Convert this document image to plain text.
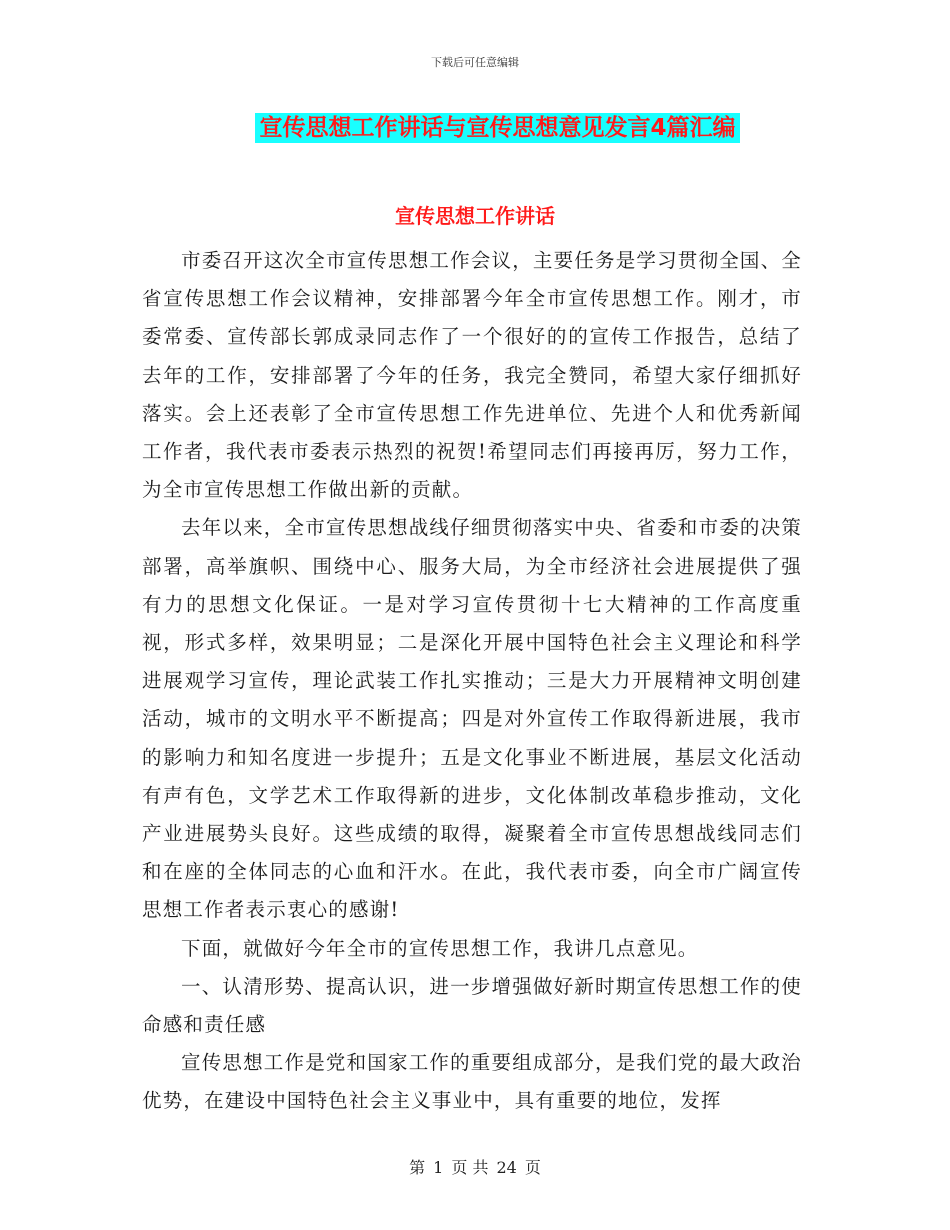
下载后可任意编辑
宣传思想工作讲话与宣传思想意见发言4篇汇编
宣传思想工作讲话

市委召开这次全市宣传思想工作会议，主要任务是学习贯彻全国、全省宣传思想工作会议精神，安排部署今年全市宣传思想工作。刚才，市委常委、宣传部长郭成录同志作了一个很好的的宣传工作报告，总结了去年的工作，安排部署了今年的任务，我完全赞同，希望大家仔细抓好落实。会上还表彰了全市宣传思想工作先进单位、先进个人和优秀新闻工作者，我代表市委表示热烈的祝贺!希望同志们再接再厉，努力工作，为全市宣传思想工作做出新的贡献。

去年以来，全市宣传思想战线仔细贯彻落实中央、省委和市委的决策部署，高举旗帜、围绕中心、服务大局，为全市经济社会进展提供了强有力的思想文化保证。一是对学习宣传贯彻十七大精神的工作高度重视，形式多样，效果明显；二是深化开展中国特色社会主义理论和科学进展观学习宣传，理论武装工作扎实推动；三是大力开展精神文明创建活动，城市的文明水平不断提高；四是对外宣传工作取得新进展，我市的影响力和知名度进一步提升；五是文化事业不断进展，基层文化活动有声有色，文学艺术工作取得新的进步，文化体制改革稳步推动，文化产业进展势头良好。这些成绩的取得，凝聚着全市宣传思想战线同志们和在座的全体同志的心血和汗水。在此，我代表市委，向全市广阔宣传思想工作者表示衷心的感谢!

下面，就做好今年全市的宣传思想工作，我讲几点意见。

一、认清形势、提高认识，进一步增强做好新时期宣传思想工作的使命感和责任感

宣传思想工作是党和国家工作的重要组成部分，是我们党的最大政治优势，在建设中国特色社会主义事业中，具有重要的地位，发挥

第 1 页 共 24 页
